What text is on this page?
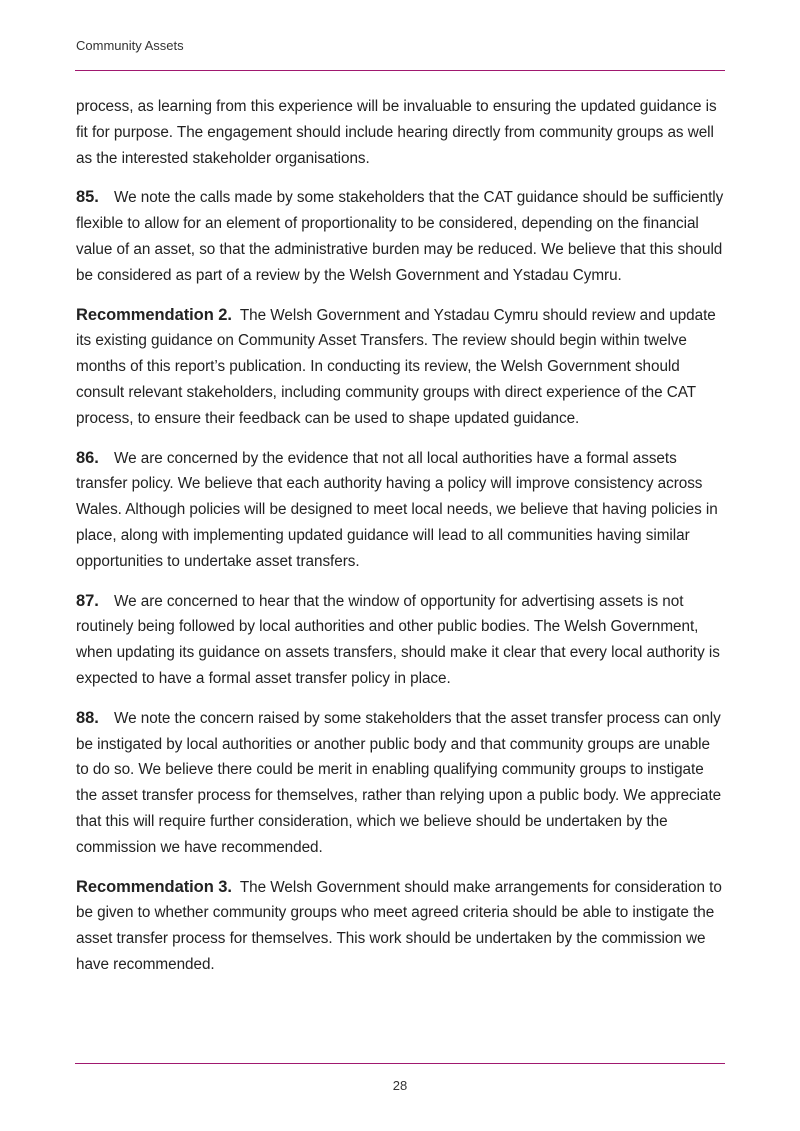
Community Assets

process, as learning from this experience will be invaluable to ensuring the updated guidance is fit for purpose. The engagement should include hearing directly from community groups as well as the interested stakeholder organisations.

85. We note the calls made by some stakeholders that the CAT guidance should be sufficiently flexible to allow for an element of proportionality to be considered, depending on the financial value of an asset, so that the administrative burden may be reduced. We believe that this should be considered as part of a review by the Welsh Government and Ystadau Cymru.

Recommendation 2. The Welsh Government and Ystadau Cymru should review and update its existing guidance on Community Asset Transfers. The review should begin within twelve months of this report’s publication. In conducting its review, the Welsh Government should consult relevant stakeholders, including community groups with direct experience of the CAT process, to ensure their feedback can be used to shape updated guidance.

86. We are concerned by the evidence that not all local authorities have a formal assets transfer policy. We believe that each authority having a policy will improve consistency across Wales. Although policies will be designed to meet local needs, we believe that having policies in place, along with implementing updated guidance will lead to all communities having similar opportunities to undertake asset transfers.

87. We are concerned to hear that the window of opportunity for advertising assets is not routinely being followed by local authorities and other public bodies. The Welsh Government, when updating its guidance on assets transfers, should make it clear that every local authority is expected to have a formal asset transfer policy in place.

88. We note the concern raised by some stakeholders that the asset transfer process can only be instigated by local authorities or another public body and that community groups are unable to do so. We believe there could be merit in enabling qualifying community groups to instigate the asset transfer process for themselves, rather than relying upon a public body. We appreciate that this will require further consideration, which we believe should be undertaken by the commission we have recommended.

Recommendation 3. The Welsh Government should make arrangements for consideration to be given to whether community groups who meet agreed criteria should be able to instigate the asset transfer process for themselves. This work should be undertaken by the commission we have recommended.

28
